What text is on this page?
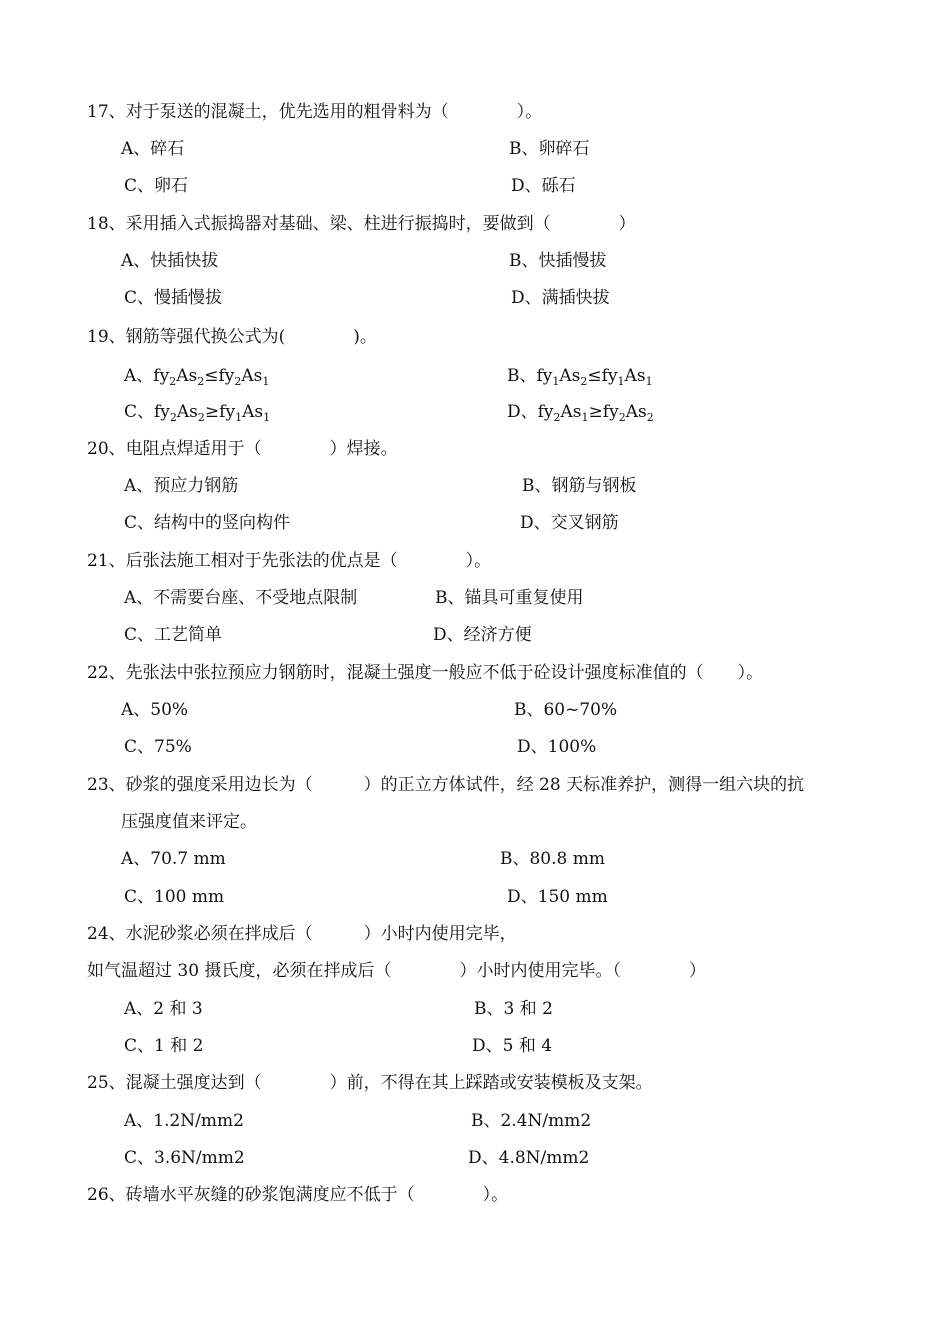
17、对于泵送的混凝土，优先选用的粗骨料为（　　　　）。
A、碎石	B、卵碎石
C、卵石	D、砾石
18、采用插入式振捣器对基础、梁、柱进行振捣时，要做到（　　　　）
A、快插快拔	B、快插慢拔
C、慢插慢拔	D、满插快拔
19、钢筋等强代换公式为(　　　　)。
A、$fy_2As_2\le fy_2As_1$	B、$fy_1As_2\le fy_1As_1$
C、$fy_2As_2\ge fy_1As_1$	D、$fy_2As_1\ge fy_2As_2$
20、电阻点焊适用于（　　　　）焊接。
A、预应力钢筋	B、钢筋与钢板
C、结构中的竖向构件	D、交叉钢筋
21、后张法施工相对于先张法的优点是（　　　　）。
A、不需要台座、不受地点限制	B、锚具可重复使用
C、工艺简单	D、经济方便
22、先张法中张拉预应力钢筋时，混凝土强度一般应不低于砼设计强度标准值的（　　）。
A、50%	B、60~70%
C、75%	D、100%
23、砂浆的强度采用边长为（　　　）的正立方体试件，经 28 天标准养护，测得一组六块的抗
压强度值来评定。
A、70.7 mm	B、80.8 mm
C、100 mm	D、150 mm
24、水泥砂浆必须在拌成后（　　　）小时内使用完毕，
如气温超过 30 摄氏度，必须在拌成后（　　　　）小时内使用完毕。（　　　　）
A、2 和 3	B、3 和 2
C、1 和 2	D、5 和 4
25、混凝土强度达到（　　　　）前，不得在其上踩踏或安装模板及支架。
A、1.2N/mm2	B、2.4N/mm2
C、3.6N/mm2	D、4.8N/mm2
26、砖墙水平灰缝的砂浆饱满度应不低于（　　　　）。
